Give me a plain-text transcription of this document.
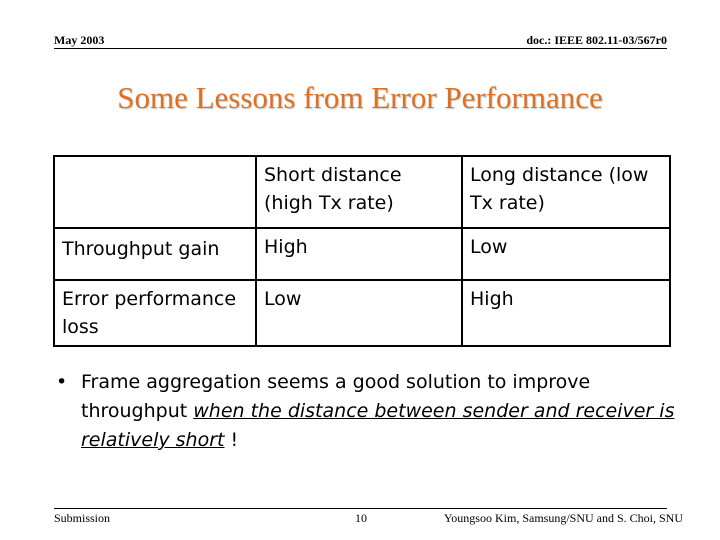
May 2003	doc.: IEEE 802.11-03/567r0
Some Lessons from Error Performance
	Short distance (high Tx rate)	Long distance (low Tx rate)
Throughput gain	High	Low
Error performance loss	Low	High
• Frame aggregation seems a good solution to improve throughput when the distance between sender and receiver is relatively short !
Submission	10	Youngsoo Kim, Samsung/SNU and S. Choi, SNU
